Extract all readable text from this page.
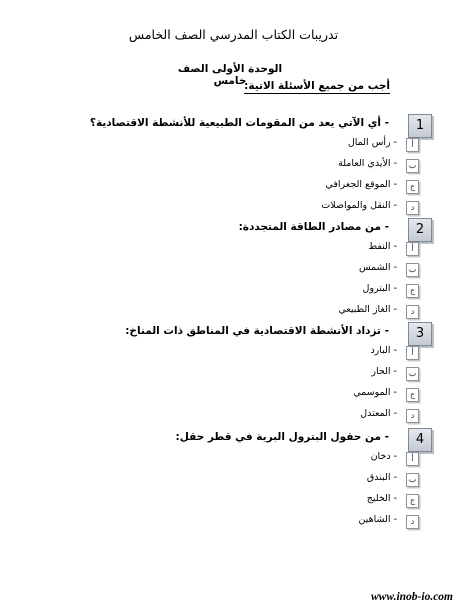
تدريبات الكتاب المدرسي الصف الخامس
الوحدة الأولى الصف خامس
أجب من جميع الأسئلة الاتية:
1
- أي الآتي يعد من المقومات الطبيعية للأنشطة الاقتصادية؟
أ
- رأس المال
ب
- الأيدي العاملة
ج
- الموقع الجغرافي
د
- النقل والمواصلات
2
- من مصادر الطاقة المتجددة:
أ
- النفط
ب
- الشمس
ج
- البترول
د
- الغاز الطبيعي
3
- تزداد الأنشطة الاقتصادية في المناطق ذات المناخ:
أ
- البارد
ب
- الحار
ج
- الموسمي
د
- المعتدل
4
- من حقول البترول البرية في قطر حقل:
أ
- دخان
ب
- البندق
ج
- الخليج
د
- الشاهين
www.inob-io.com
